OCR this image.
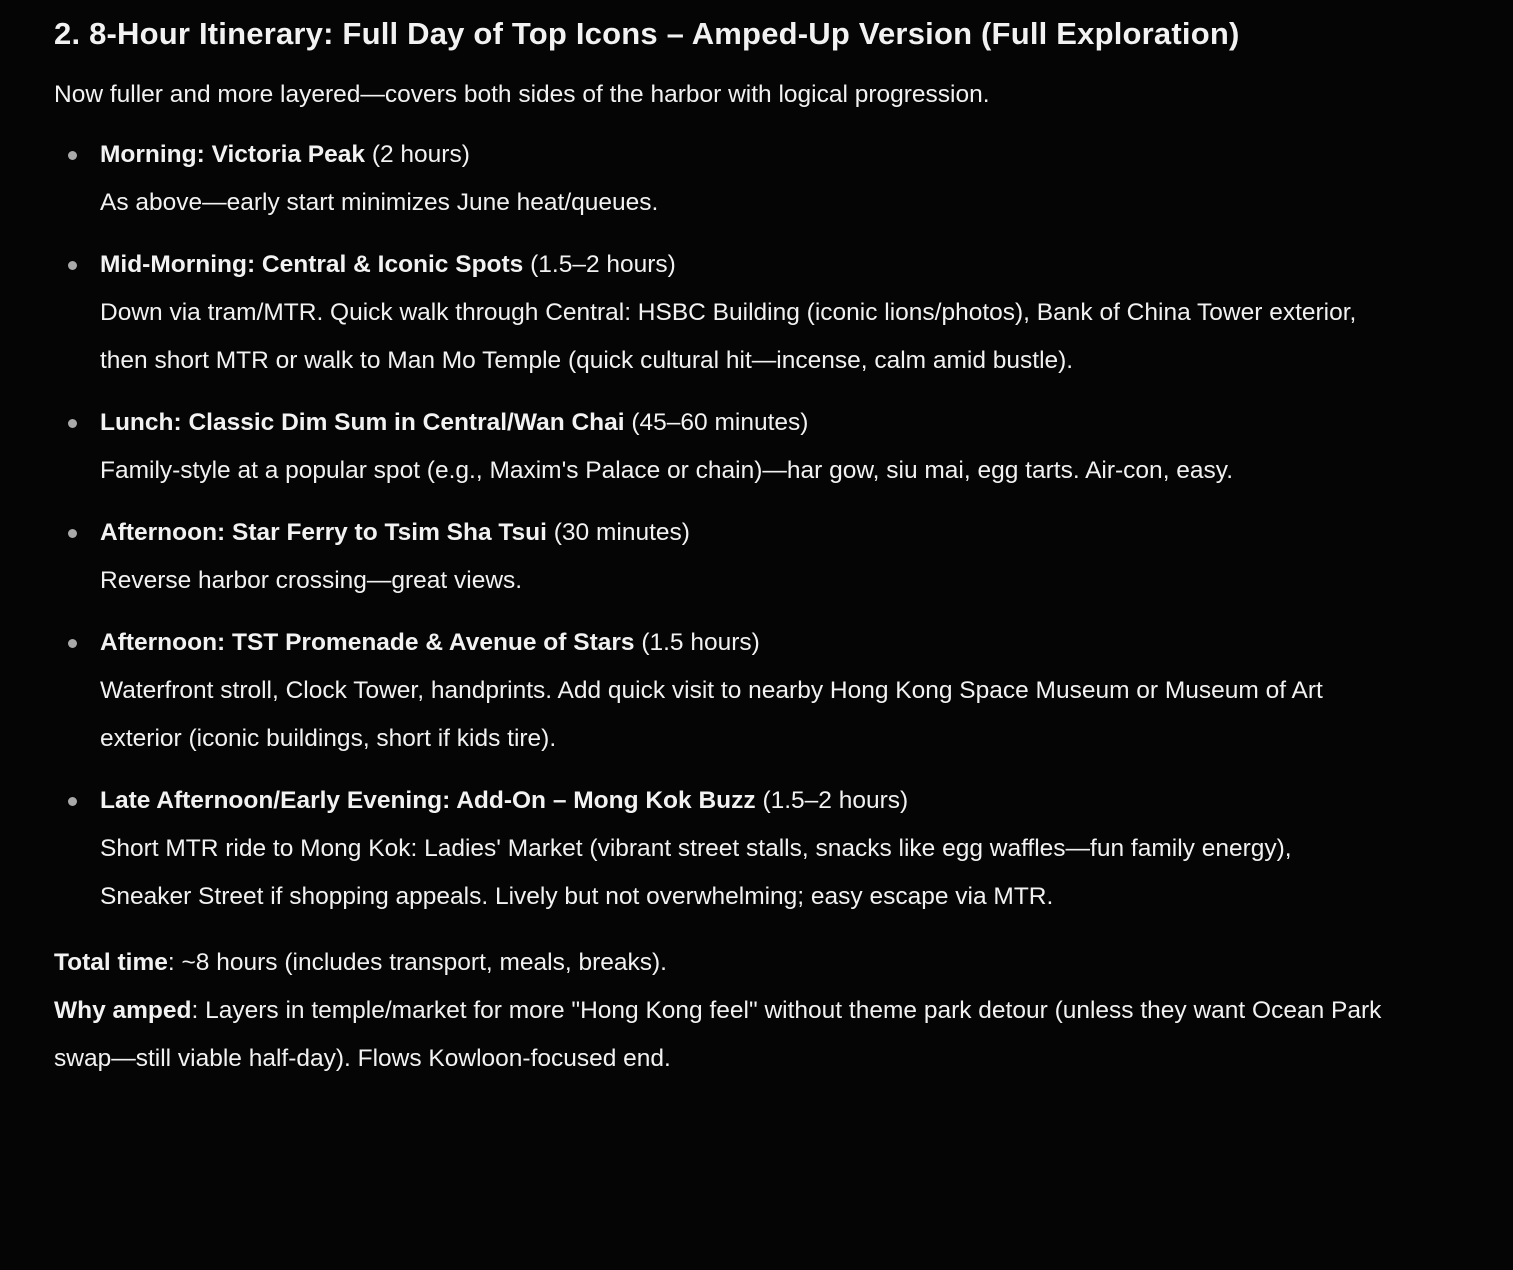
2. 8-Hour Itinerary: Full Day of Top Icons – Amped-Up Version (Full Exploration)

Now fuller and more layered—covers both sides of the harbor with logical progression.

Morning: Victoria Peak (2 hours)
As above—early start minimizes June heat/queues.
Mid-Morning: Central & Iconic Spots (1.5–2 hours)
Down via tram/MTR. Quick walk through Central: HSBC Building (iconic lions/photos), Bank of China Tower exterior, then short MTR or walk to Man Mo Temple (quick cultural hit—incense, calm amid bustle).
Lunch: Classic Dim Sum in Central/Wan Chai (45–60 minutes)
Family-style at a popular spot (e.g., Maxim's Palace or chain)—har gow, siu mai, egg tarts. Air-con, easy.
Afternoon: Star Ferry to Tsim Sha Tsui (30 minutes)
Reverse harbor crossing—great views.
Afternoon: TST Promenade & Avenue of Stars (1.5 hours)
Waterfront stroll, Clock Tower, handprints. Add quick visit to nearby Hong Kong Space Museum or Museum of Art exterior (iconic buildings, short if kids tire).
Late Afternoon/Early Evening: Add-On – Mong Kok Buzz (1.5–2 hours)
Short MTR ride to Mong Kok: Ladies' Market (vibrant street stalls, snacks like egg waffles—fun family energy), Sneaker Street if shopping appeals. Lively but not overwhelming; easy escape via MTR.
Total time: ~8 hours (includes transport, meals, breaks).
Why amped: Layers in temple/market for more "Hong Kong feel" without theme park detour (unless they want Ocean Park swap—still viable half-day). Flows Kowloon-focused end.
